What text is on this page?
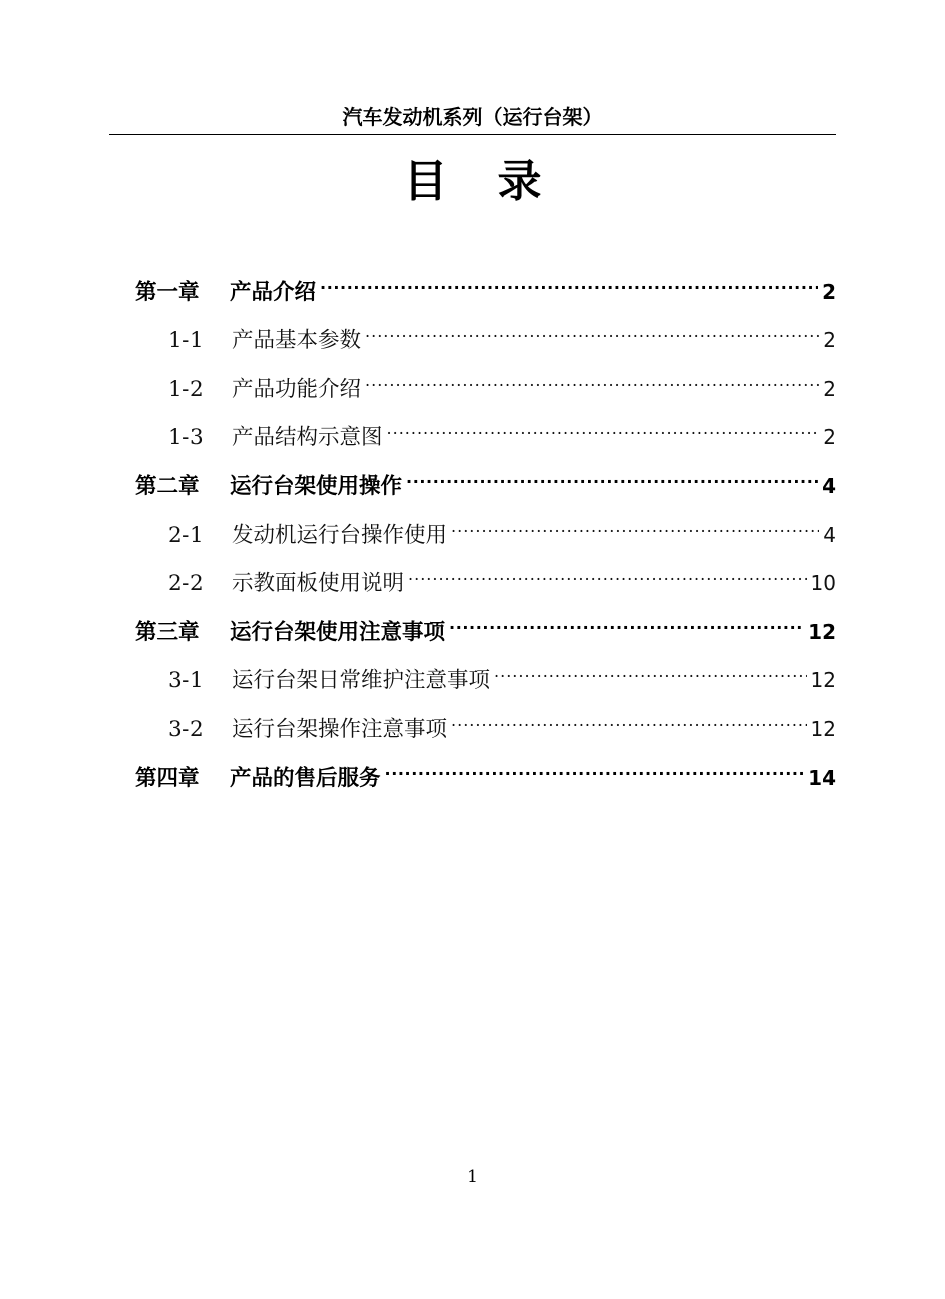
汽车发动机系列（运行台架）
目 录
第一章	产品介绍 .....	2
1-1	产品基本参数 .....	2
1-2	产品功能介绍 .....	2
1-3	产品结构示意图 .....	2
第二章	运行台架使用操作 .....	4
2-1	发动机运行台操作使用 .....	4
2-2	示教面板使用说明 .....	10
第三章	运行台架使用注意事项 .....	12
3-1	运行台架日常维护注意事项 .....	12
3-2	运行台架操作注意事项 .....	12
第四章	产品的售后服务 .....	14
1
